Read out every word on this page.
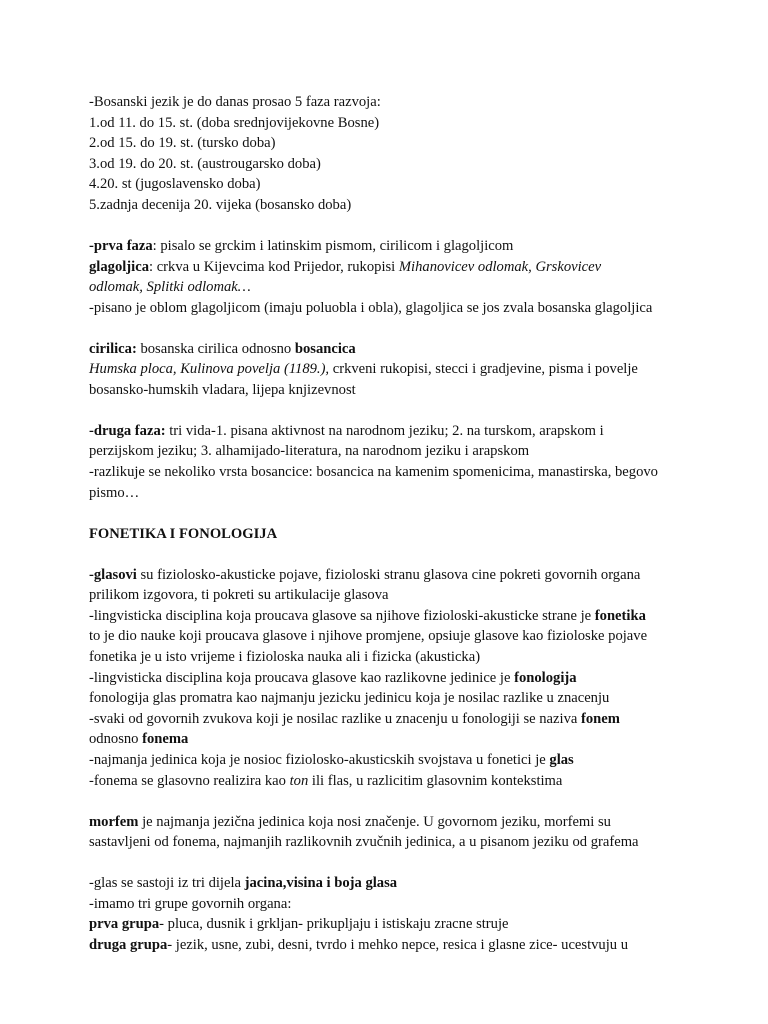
-Bosanski jezik je do danas prosao 5 faza razvoja:
1.od 11. do 15. st. (doba srednjovijekovne Bosne)
2.od 15. do 19. st. (tursko doba)
3.od 19. do 20. st. (austrougarsko doba)
4.20. st (jugoslavensko doba)
5.zadnja decenija 20. vijeka (bosansko doba)
-prva faza: pisalo se grckim i latinskim pismom, cirilicom i glagoljicom
glagoljica: crkva u Kijevcima kod Prijedor, rukopisi Mihanovicev odlomak, Grskovicev
odlomak, Splitki odlomak…
-pisano je oblom glagoljicom (imaju poluobla i obla), glagoljica se jos zvala bosanska glagoljica
cirilica: bosanska cirilica odnosno bosancica
Humska ploca, Kulinova povelja (1189.), crkveni rukopisi, stecci i gradjevine, pisma i povelje
bosansko-humskih vladara, lijepa knjizevnost
-druga faza: tri vida-1. pisana aktivnost na narodnom jeziku; 2. na turskom, arapskom i
perzijskom jeziku; 3. alhamijado-literatura, na narodnom jeziku i arapskom
-razlikuje se nekoliko vrsta bosancice: bosancica na kamenim spomenicima, manastirska, begovo
pismo…
FONETIKA I FONOLOGIJA
-glasovi su fiziolosko-akusticke pojave, fizioloski stranu glasova cine pokreti govornih organa
prilikom izgovora, ti pokreti su artikulacije glasova
-lingvisticka disciplina koja proucava glasove sa njihove fizioloski-akusticke strane je fonetika
to je dio nauke koji proucava glasove i njihove promjene, opsiuje glasove kao fizioloske pojave
fonetika je u isto vrijeme i fizioloska nauka ali i fizicka (akusticka)
-lingvisticka disciplina koja proucava glasove kao razlikovne jedinice je fonologija
fonologija glas promatra kao najmanju jezicku jedinicu koja je nosilac razlike u znacenju
-svaki od govornih zvukova koji je nosilac razlike u znacenju u fonologiji se naziva fonem
odnosno fonema
-najmanja jedinica koja je nosioc fiziolosko-akusticskih svojstava u fonetici je glas
-fonema se glasovno realizira kao ton ili flas, u razlicitim glasovnim kontekstima
morfem je najmanja jezična jedinica koja nosi značenje. U govornom jeziku, morfemi su
sastavljeni od fonema, najmanjih razlikovnih zvučnih jedinica, a u pisanom jeziku od grafema
-glas se sastoji iz tri dijela jacina,visina i boja glasa
-imamo tri grupe govornih organa:
prva grupa- pluca, dusnik i grkljan- prikupljaju i istiskaju zracne struje
druga grupa- jezik, usne, zubi, desni, tvrdo i mehko nepce, resica i glasne zice- ucestvuju u
